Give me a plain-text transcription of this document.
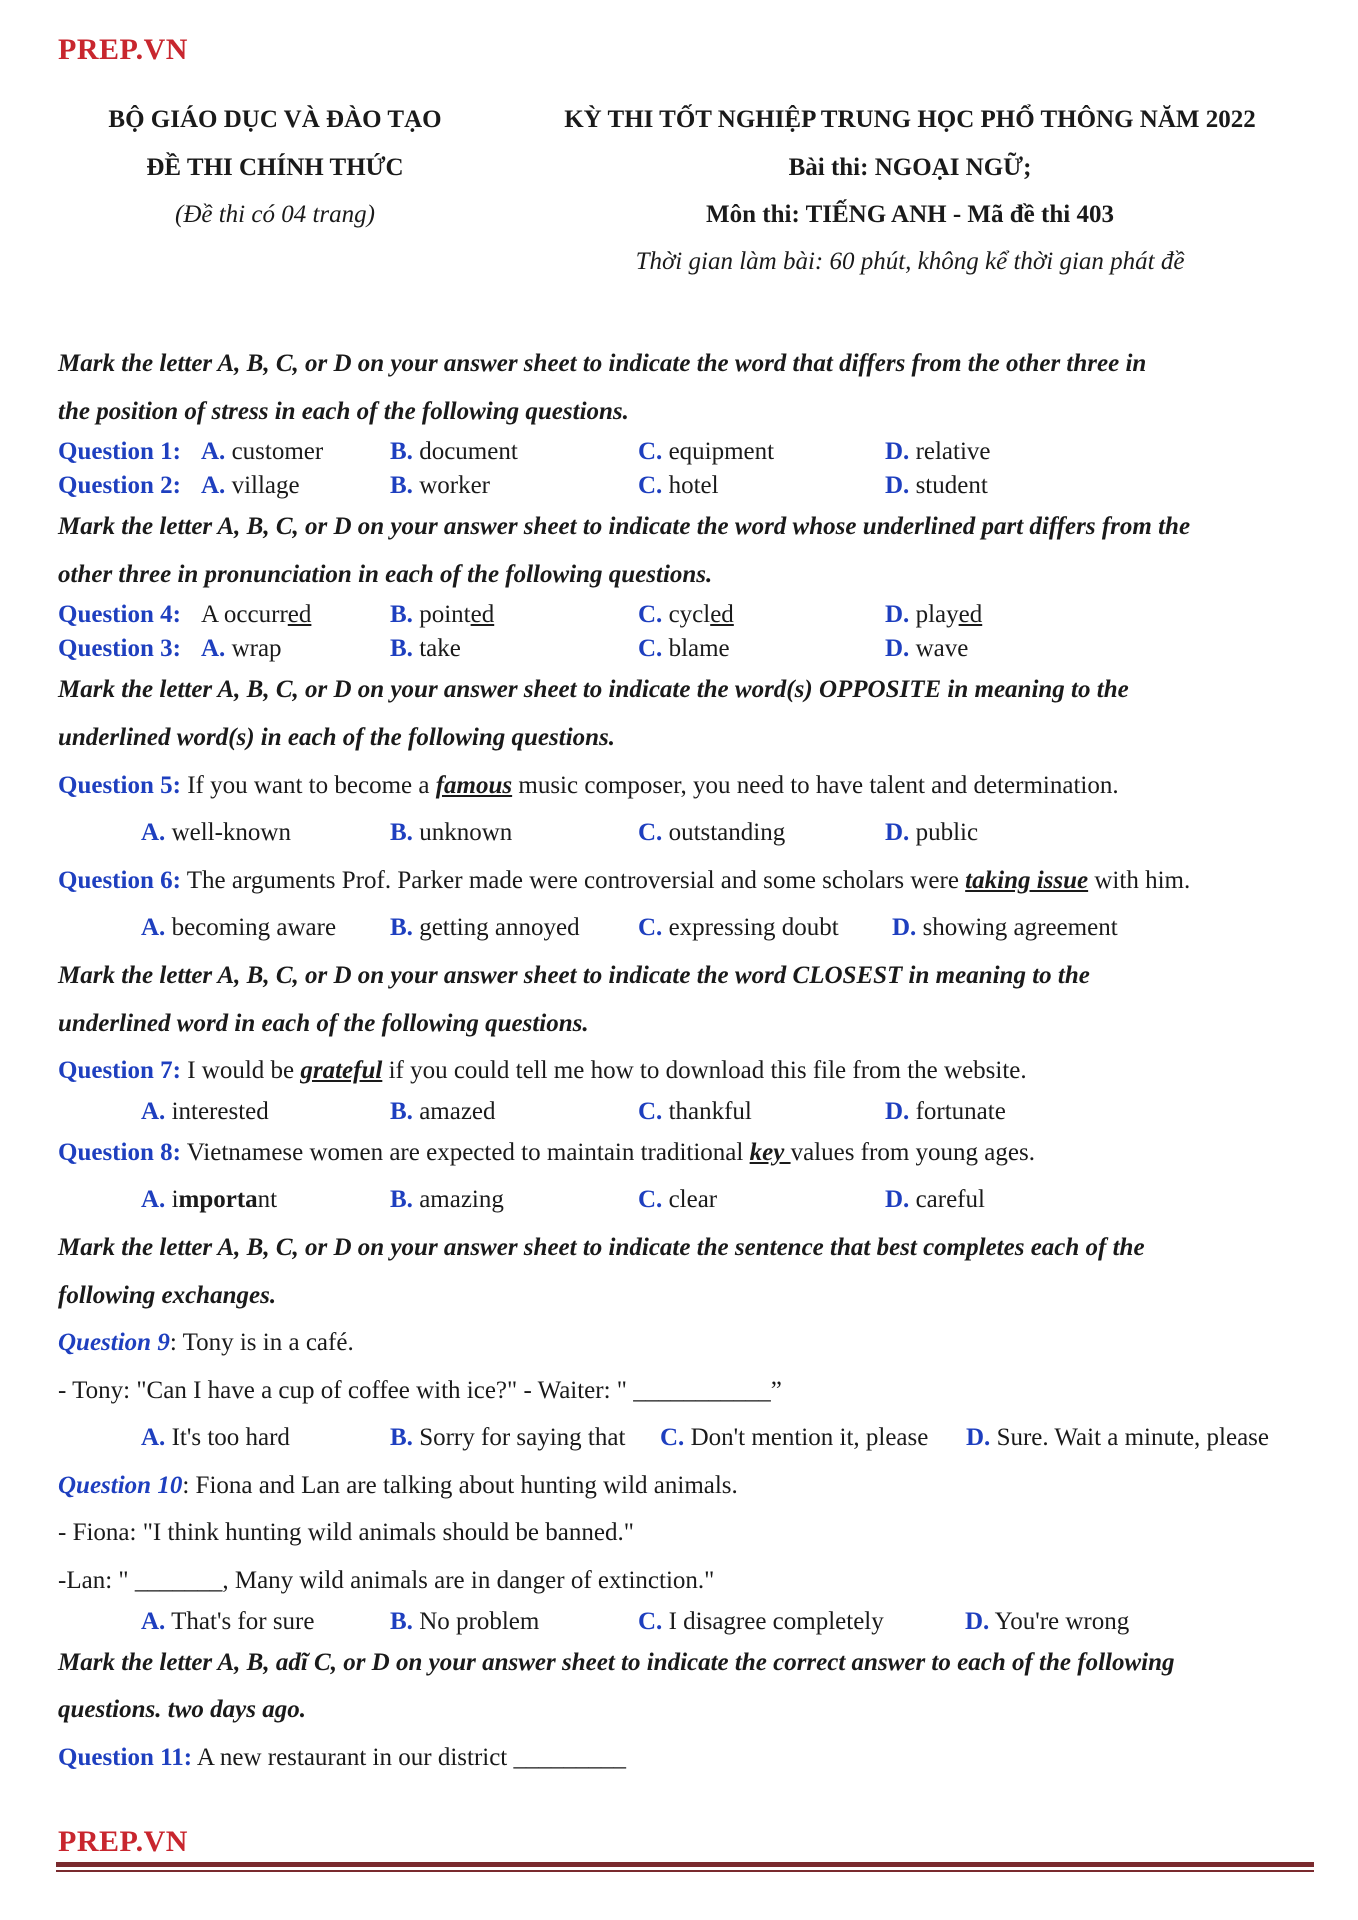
PREP.VN
BỘ GIÁO DỤC VÀ ĐÀO TẠO
ĐỀ THI CHÍNH THỨC
(Đề thi có 04 trang)
KỲ THI TỐT NGHIỆP TRUNG HỌC PHỔ THÔNG NĂM 2022
Bài thi: NGOẠI NGỮ;
Môn thi: TIẾNG ANH - Mã đề thi 403
Thời gian làm bài: 60 phút, không kể thời gian phát đề
Mark the letter A, B, C, or D on your answer sheet to indicate the word that differs from the other three in
the position of stress in each of the following questions.
Question 1: A. customer	B. document	C. equipment	D. relative
Question 2: A. village	B. worker	C. hotel	D. student
Mark the letter A, B, C, or D on your answer sheet to indicate the word whose underlined part differs from the
other three in pronunciation in each of the following questions.
Question 4: A occurred	B. pointed	C. cycled	D. played
Question 3: A. wrap	B. take	C. blame	D. wave
Mark the letter A, B, C, or D on your answer sheet to indicate the word(s) OPPOSITE in meaning to the
underlined word(s) in each of the following questions.
Question 5: If you want to become a famous music composer, you need to have talent and determination.
A. well-known	B. unknown	C. outstanding	D. public
Question 6: The arguments Prof. Parker made were controversial and some scholars were taking issue with him.
A. becoming aware B. getting annoyed C. expressing doubt D. showing agreement
Mark the letter A, B, C, or D on your answer sheet to indicate the word CLOSEST in meaning to the
underlined word in each of the following questions.
Question 7: I would be grateful if you could tell me how to download this file from the website.
A. interested	B. amazed	C. thankful	D. fortunate
Question 8: Vietnamese women are expected to maintain traditional key values from young ages.
A. important	B. amazing	C. clear	D. careful
Mark the letter A, B, C, or D on your answer sheet to indicate the sentence that best completes each of the
following exchanges.
Question 9: Tony is in a café.
- Tony: "Can I have a cup of coffee with ice?" - Waiter: " ___________”
A. It's too hard	B. Sorry for saying that C. Don't mention it, please D. Sure. Wait a minute, please
Question 10: Fiona and Lan are talking about hunting wild animals.
- Fiona: "I think hunting wild animals should be banned."
-Lan: " _______, Many wild animals are in danger of extinction."
A. That's for sure	B. No problem	C. I disagree completely	D. You're wrong
Mark the letter A, B, adĩ C, or D on your answer sheet to indicate the correct answer to each of the following
questions. two days ago.
Question 11: A new restaurant in our district _________
PREP.VN
